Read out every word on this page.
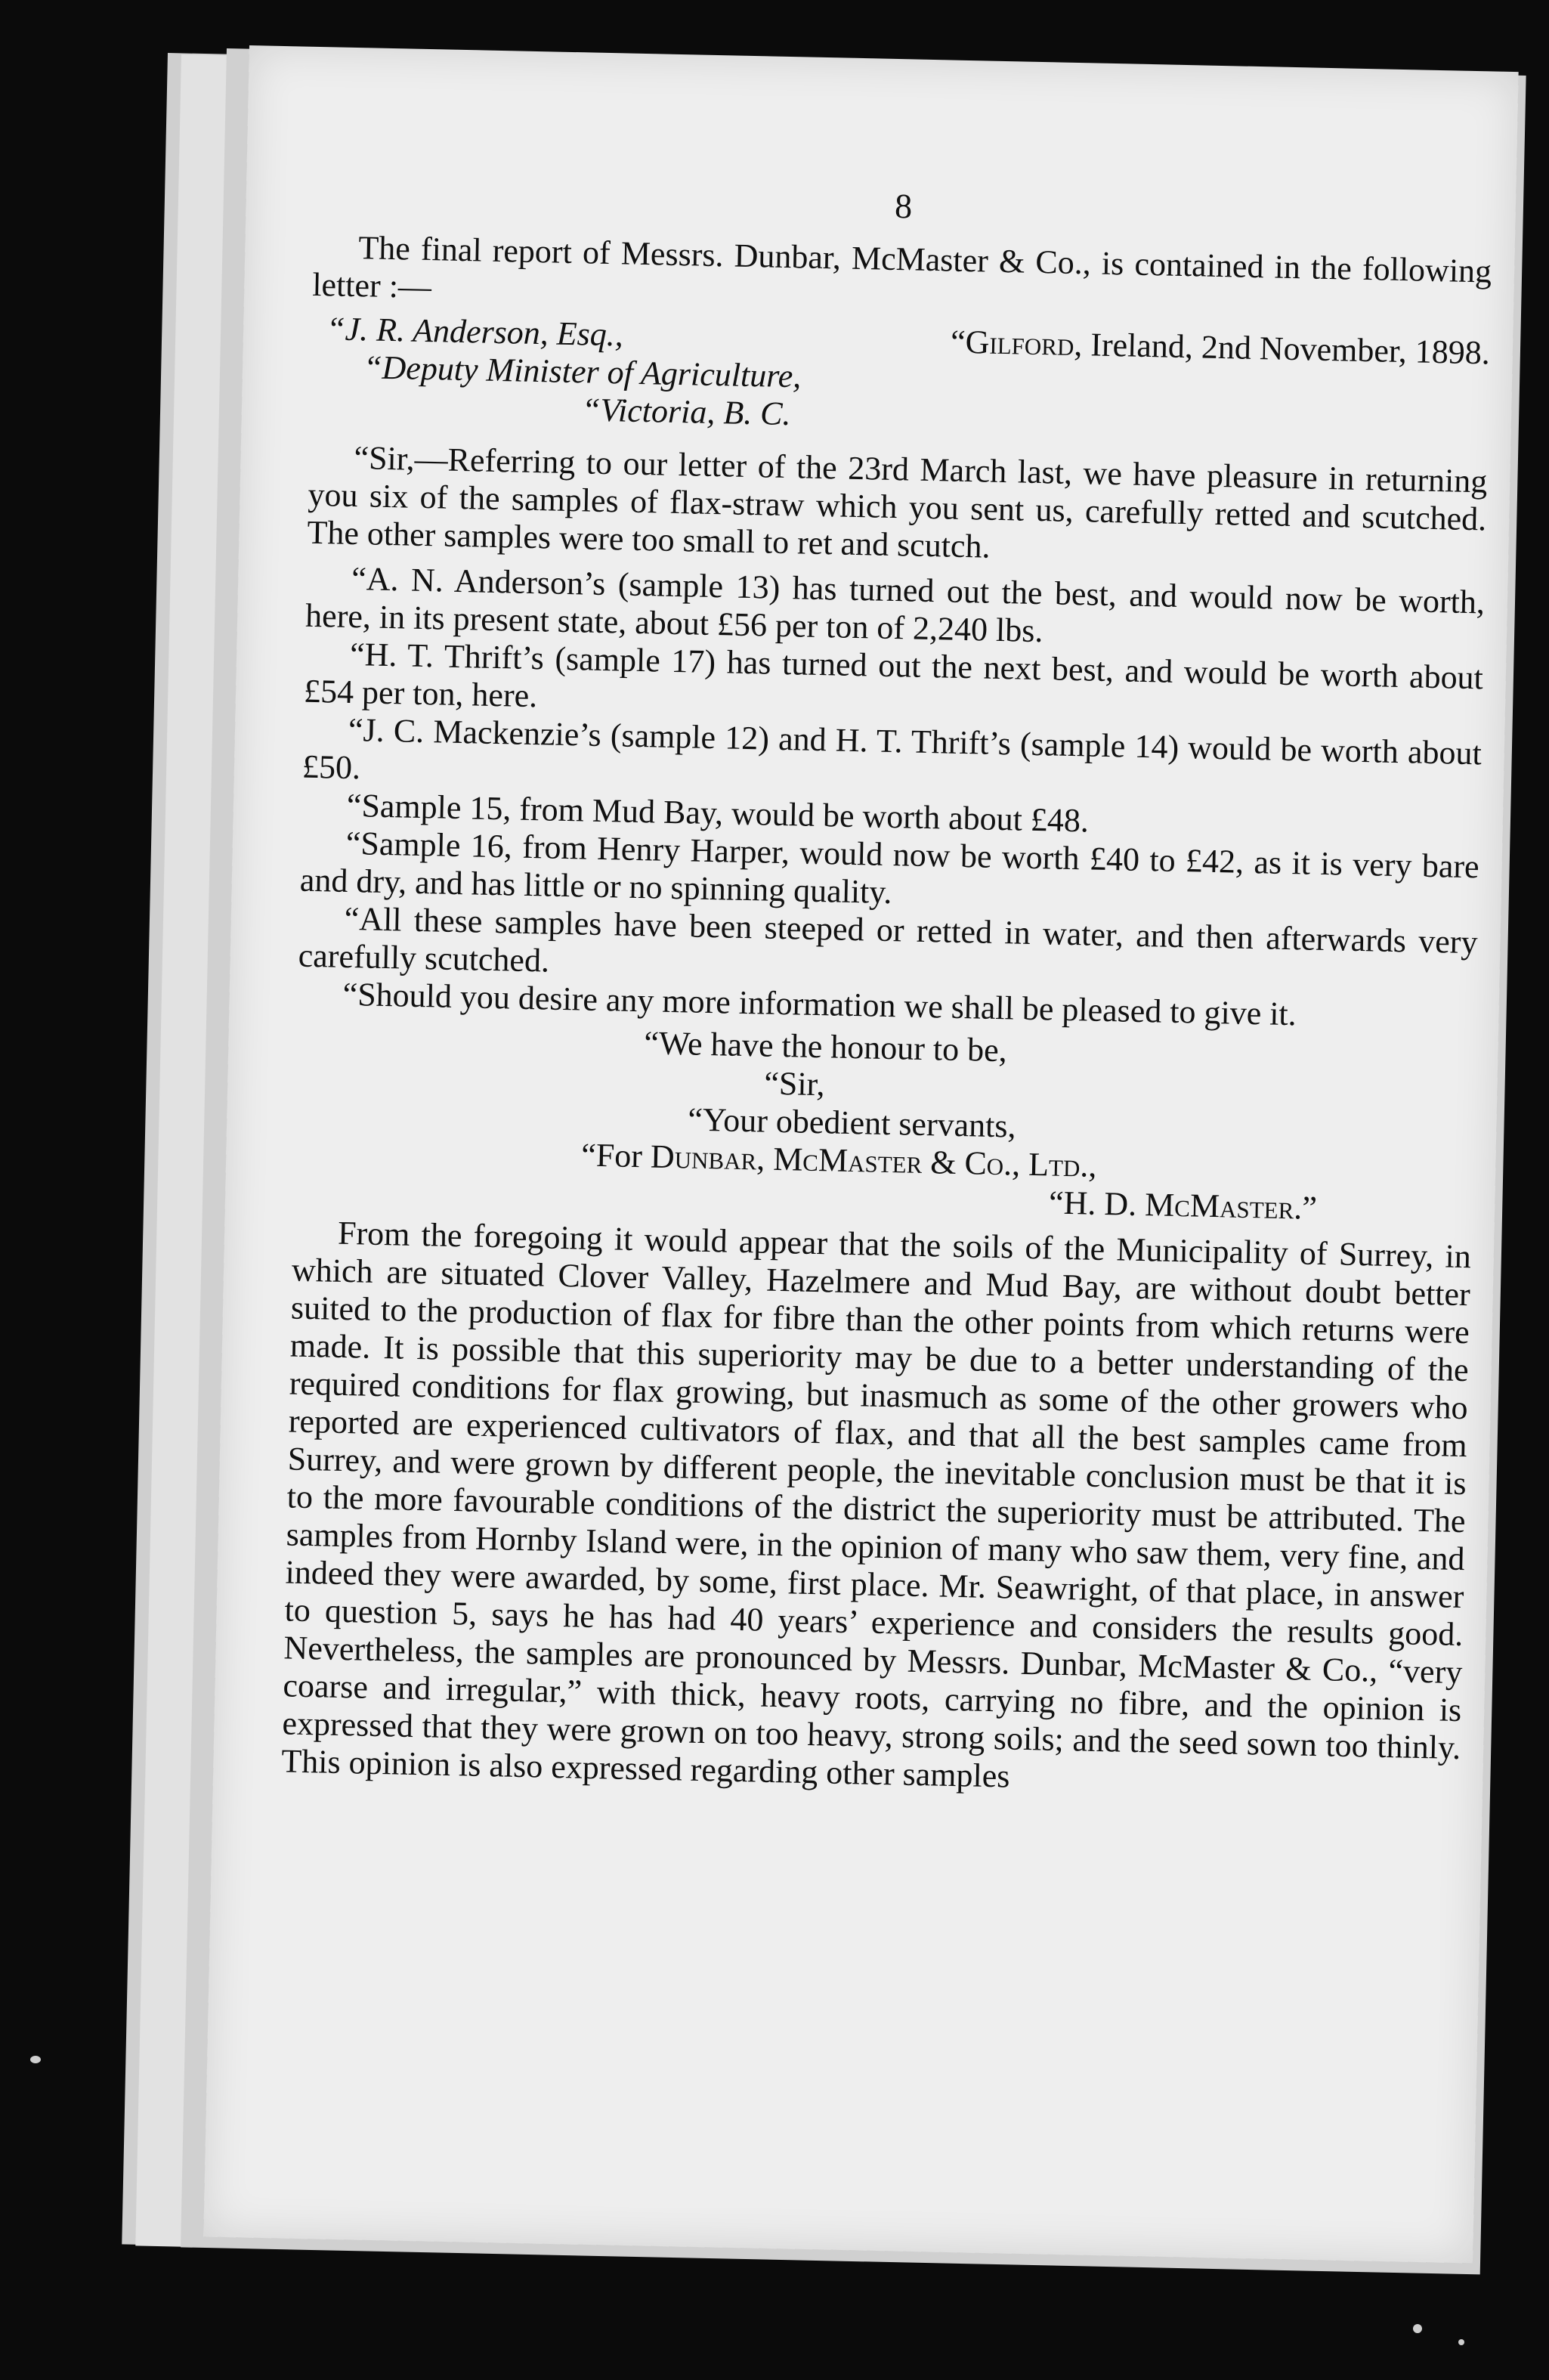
8

The final report of Messrs. Dunbar, McMaster & Co., is contained in the following letter :—

“J. R. Anderson, Esq.,
“Deputy Minister of Agriculture,
“Victoria, B. C.
“Gilford, Ireland, 2nd November, 1898.

“Sir,—Referring to our letter of the 23rd March last, we have pleasure in returning you six of the samples of flax-straw which you sent us, carefully retted and scutched. The other samples were too small to ret and scutch.

“A. N. Anderson’s (sample 13) has turned out the best, and would now be worth, here, in its present state, about £56 per ton of 2,240 lbs.

“H. T. Thrift’s (sample 17) has turned out the next best, and would be worth about £54 per ton, here.

“J. C. Mackenzie’s (sample 12) and H. T. Thrift’s (sample 14) would be worth about £50.

“Sample 15, from Mud Bay, would be worth about £48.

“Sample 16, from Henry Harper, would now be worth £40 to £42, as it is very bare and dry, and has little or no spinning quality.

“All these samples have been steeped or retted in water, and then afterwards very carefully scutched.

“Should you desire any more information we shall be pleased to give it.

“We have the honour to be,
“Sir,
“Your obedient servants,
“For Dunbar, McMaster & Co., Ltd.,
“H. D. McMaster.”

From the foregoing it would appear that the soils of the Municipality of Surrey, in which are situated Clover Valley, Hazelmere and Mud Bay, are without doubt better suited to the production of flax for fibre than the other points from which returns were made. It is possible that this superiority may be due to a better understanding of the required conditions for flax growing, but inasmuch as some of the other growers who reported are experienced cultivators of flax, and that all the best samples came from Surrey, and were grown by different people, the inevitable conclusion must be that it is to the more favourable conditions of the district the superiority must be attributed. The samples from Hornby Island were, in the opinion of many who saw them, very fine, and indeed they were awarded, by some, first place. Mr. Seawright, of that place, in answer to question 5, says he has had 40 years’ experience and considers the results good. Nevertheless, the samples are pronounced by Messrs. Dunbar, McMaster & Co., “very coarse and irregular,” with thick, heavy roots, carrying no fibre, and the opinion is expressed that they were grown on too heavy, strong soils; and the seed sown too thinly. This opinion is also expressed regarding other samples
